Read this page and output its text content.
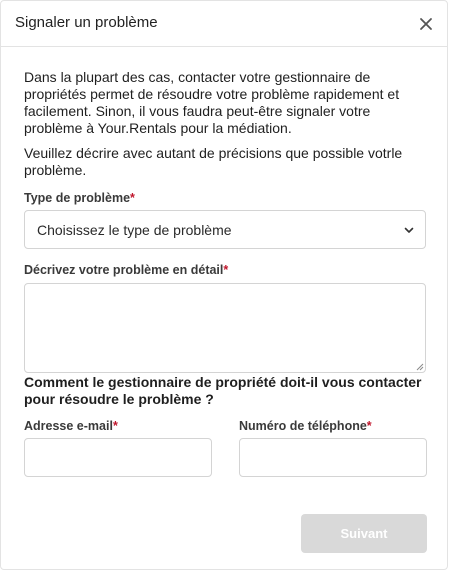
Signaler un problème

Dans la plupart des cas, contacter votre gestionnaire de propriétés permet de résoudre votre problème rapidement et facilement. Sinon, il vous faudra peut-être signaler votre problème à Your.Rentals pour la médiation.

Veuillez décrire avec autant de précisions que possible votrle problème.

Type de problème*
Choisissez le type de problème
Décrivez votre problème en détail*
Comment le gestionnaire de propriété doit-il vous contacter pour résoudre le problème ?
Adresse e-mail*	Numéro de téléphone*
Suivant
